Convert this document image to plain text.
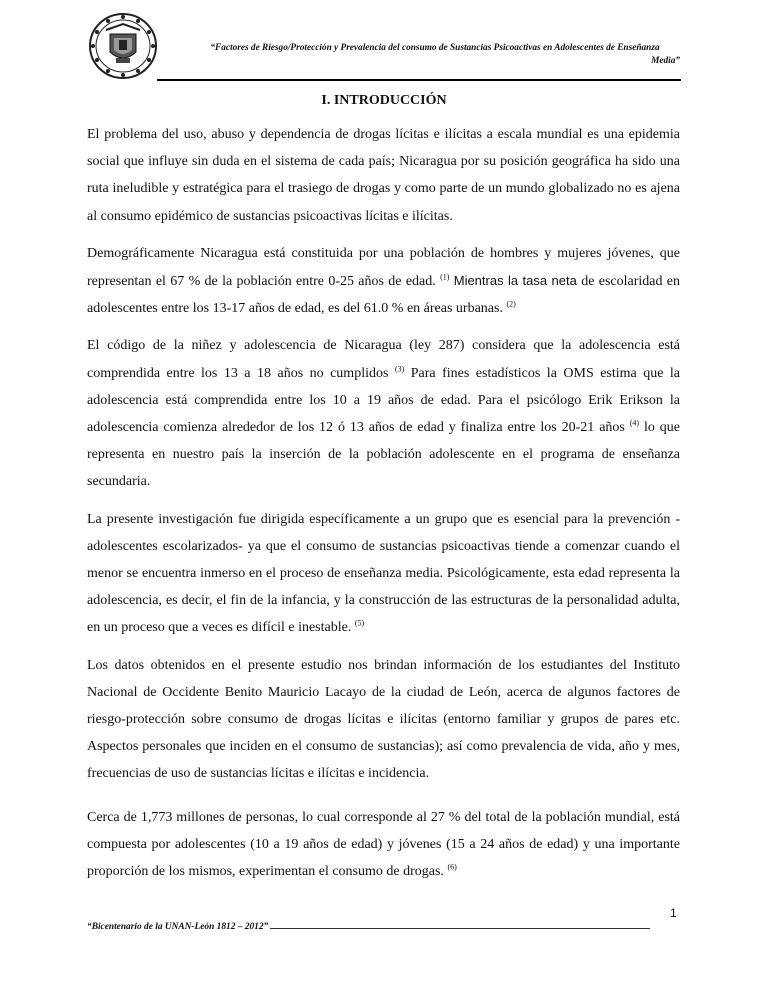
“Factores de Riesgo/Protección y Prevalencia del consumo de Sustancias Psicoactivas en Adolescentes de Enseñanza
Media”
I. INTRODUCCIÓN

El problema del uso, abuso y dependencia de drogas lícitas e ilícitas a escala mundial es una epidemia social que influye sin duda en el sistema de cada país; Nicaragua por su posición geográfica ha sido una ruta ineludible y estratégica para el trasiego de drogas y como parte de un mundo globalizado no es ajena al consumo epidémico de sustancias psicoactivas lícitas e ilícitas.

Demográficamente Nicaragua está constituida por una población de hombres y mujeres jóvenes, que representan el 67 % de la población entre 0-25 años de edad. $^{(1)}$ Mientras la tasa neta de escolaridad en adolescentes entre los 13-17 años de edad, es del 61.0 % en áreas urbanas. $^{(2)}$

El código de la niñez y adolescencia de Nicaragua (ley 287) considera que la adolescencia está comprendida entre los 13 a 18 años no cumplidos $^{(3)}$ Para fines estadísticos la OMS estima que la adolescencia está comprendida entre los 10 a 19 años de edad. Para el psicólogo Erik Erikson la adolescencia comienza alrededor de los 12 ó 13 años de edad y finaliza entre los 20-21 años $^{(4)}$ lo que representa en nuestro país la inserción de la población adolescente en el programa de enseñanza secundaria.

La presente investigación fue dirigida específicamente a un grupo que es esencial para la prevención -adolescentes escolarizados- ya que el consumo de sustancias psicoactivas tiende a comenzar cuando el menor se encuentra inmerso en el proceso de enseñanza media. Psicológicamente, esta edad representa la adolescencia, es decir, el fin de la infancia, y la construcción de las estructuras de la personalidad adulta, en un proceso que a veces es difícil e inestable. $^{(5)}$

Los datos obtenidos en el presente estudio nos brindan información de los estudiantes del Instituto Nacional de Occidente Benito Mauricio Lacayo de la ciudad de León, acerca de algunos factores de riesgo-protección sobre consumo de drogas lícitas e ilícitas (entorno familiar y grupos de pares etc. Aspectos personales que inciden en el consumo de sustancias); así como prevalencia de vida, año y mes, frecuencias de uso de sustancias lícitas e ilícitas e incidencia.

Cerca de 1,773 millones de personas, lo cual corresponde al 27 % del total de la población mundial, está compuesta por adolescentes (10 a 19 años de edad) y jóvenes (15 a 24 años de edad) y una importante proporción de los mismos, experimentan el consumo de drogas. $^{(6)}$

1
“Bicentenario de la UNAN-León 1812 – 2012”
